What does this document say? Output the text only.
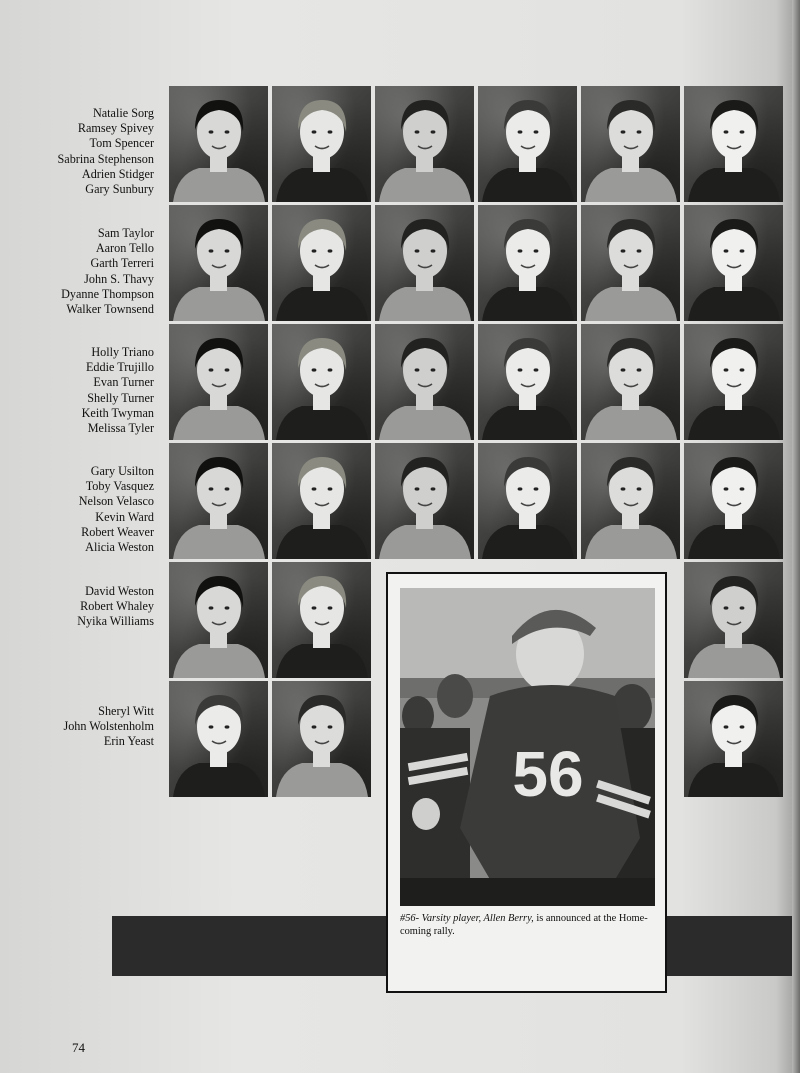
Natalie Sorg
Ramsey Spivey
Tom Spencer
Sabrina Stephenson
Adrien Stidger
Gary Sunbury
Sam Taylor
Aaron Tello
Garth Terreri
John S. Thavy
Dyanne Thompson
Walker Townsend
Holly Triano
Eddie Trujillo
Evan Turner
Shelly Turner
Keith Twyman
Melissa Tyler
Gary Usilton
Toby Vasquez
Nelson Velasco
Kevin Ward
Robert Weaver
Alicia Weston
David Weston
Robert Whaley
Nyika Williams
Sheryl Witt
John Wolstenholm
Erin Yeast	56
#56- Varsity player, Allen Berry, is announced at the Home-coming rally.
74
